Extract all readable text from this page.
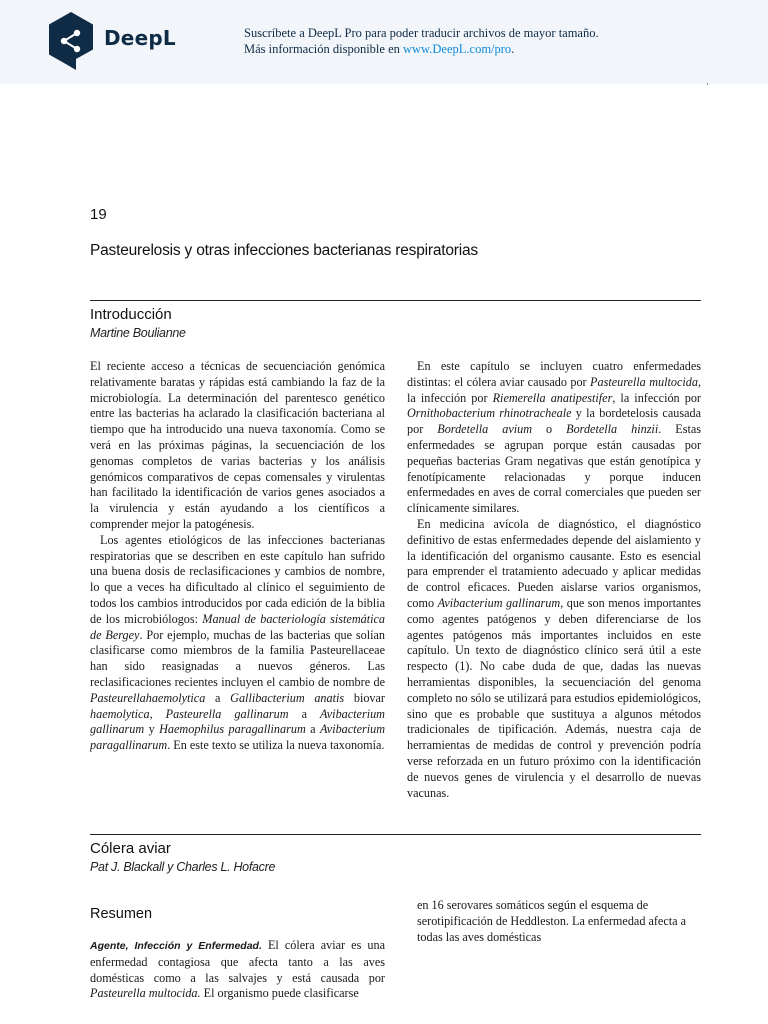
DeepL	Suscríbete a DeepL Pro para poder traducir archivos de mayor tamaño.
Más información disponible en www.DeepL.com/pro.
19
Pasteurelosis y otras infecciones bacterianas respiratorias
Introducción
Martine Boulianne

El reciente acceso a técnicas de secuenciación genómica relativamente baratas y rápidas está cambiando la faz de la microbiología. La determinación del parentesco genético entre las bacterias ha aclarado la clasificación bacteriana al tiempo que ha introducido una nueva taxonomía. Como se verá en las próximas páginas, la secuenciación de los genomas completos de varias bacterias y los análisis genómicos comparativos de cepas comensales y virulentas han facilitado la identificación de varios genes asociados a la virulencia y están ayudando a los científicos a comprender mejor la patogénesis.

Los agentes etiológicos de las infecciones bacterianas respiratorias que se describen en este capítulo han sufrido una buena dosis de reclasificaciones y cambios de nombre, lo que a veces ha dificultado al clínico el seguimiento de todos los cambios introducidos por cada edición de la biblia de los microbiólogos: Manual de bacteriología sistemática de Bergey. Por ejemplo, muchas de las bacterias que solían clasificarse como miembros de la familia Pasteurellaceae han sido reasignadas a nuevos géneros. Las reclasificaciones recientes incluyen el cambio de nombre de Pasteurellahaemolytica a Gallibacterium anatis biovar haemolytica, Pasteurella gallinarum a Avibacterium gallinarum y Haemophilus paragallinarum a Avibacterium paragallinarum. En este texto se utiliza la nueva taxonomía.

En este capítulo se incluyen cuatro enfermedades distintas: el cólera aviar causado por Pasteurella multocida, la infección por Riemerella anatipestifer, la infección por Ornithobacterium rhinotracheale y la bordetelosis causada por Bordetella avium o Bordetella hinzii. Estas enfermedades se agrupan porque están causadas por pequeñas bacterias Gram negativas que están genotípica y fenotípicamente relacionadas y porque inducen enfermedades en aves de corral comerciales que pueden ser clínicamente similares.

En medicina avícola de diagnóstico, el diagnóstico definitivo de estas enfermedades depende del aislamiento y la identificación del organismo causante. Esto es esencial para emprender el tratamiento adecuado y aplicar medidas de control eficaces. Pueden aislarse varios organismos, como Avibacterium gallinarum, que son menos importantes como agentes patógenos y deben diferenciarse de los agentes patógenos más importantes incluidos en este capítulo. Un texto de diagnóstico clínico será útil a este respecto (1). No cabe duda de que, dadas las nuevas herramientas disponibles, la secuenciación del genoma completo no sólo se utilizará para estudios epidemiológicos, sino que es probable que sustituya a algunos métodos tradicionales de tipificación. Además, nuestra caja de herramientas de medidas de control y prevención podría verse reforzada en un futuro próximo con la identificación de nuevos genes de virulencia y el desarrollo de nuevas vacunas.

Cólera aviar
Pat J. Blackall y Charles L. Hofacre
Resumen

Agente, Infección y Enfermedad. El cólera aviar es una enfermedad contagiosa que afecta tanto a las aves domésticas como a las salvajes y está causada por Pasteurella multocida. El organismo puede clasificarse

en 16 serovares somáticos según el esquema de serotipificación de Heddleston. La enfermedad afecta a todas las aves domésticas
